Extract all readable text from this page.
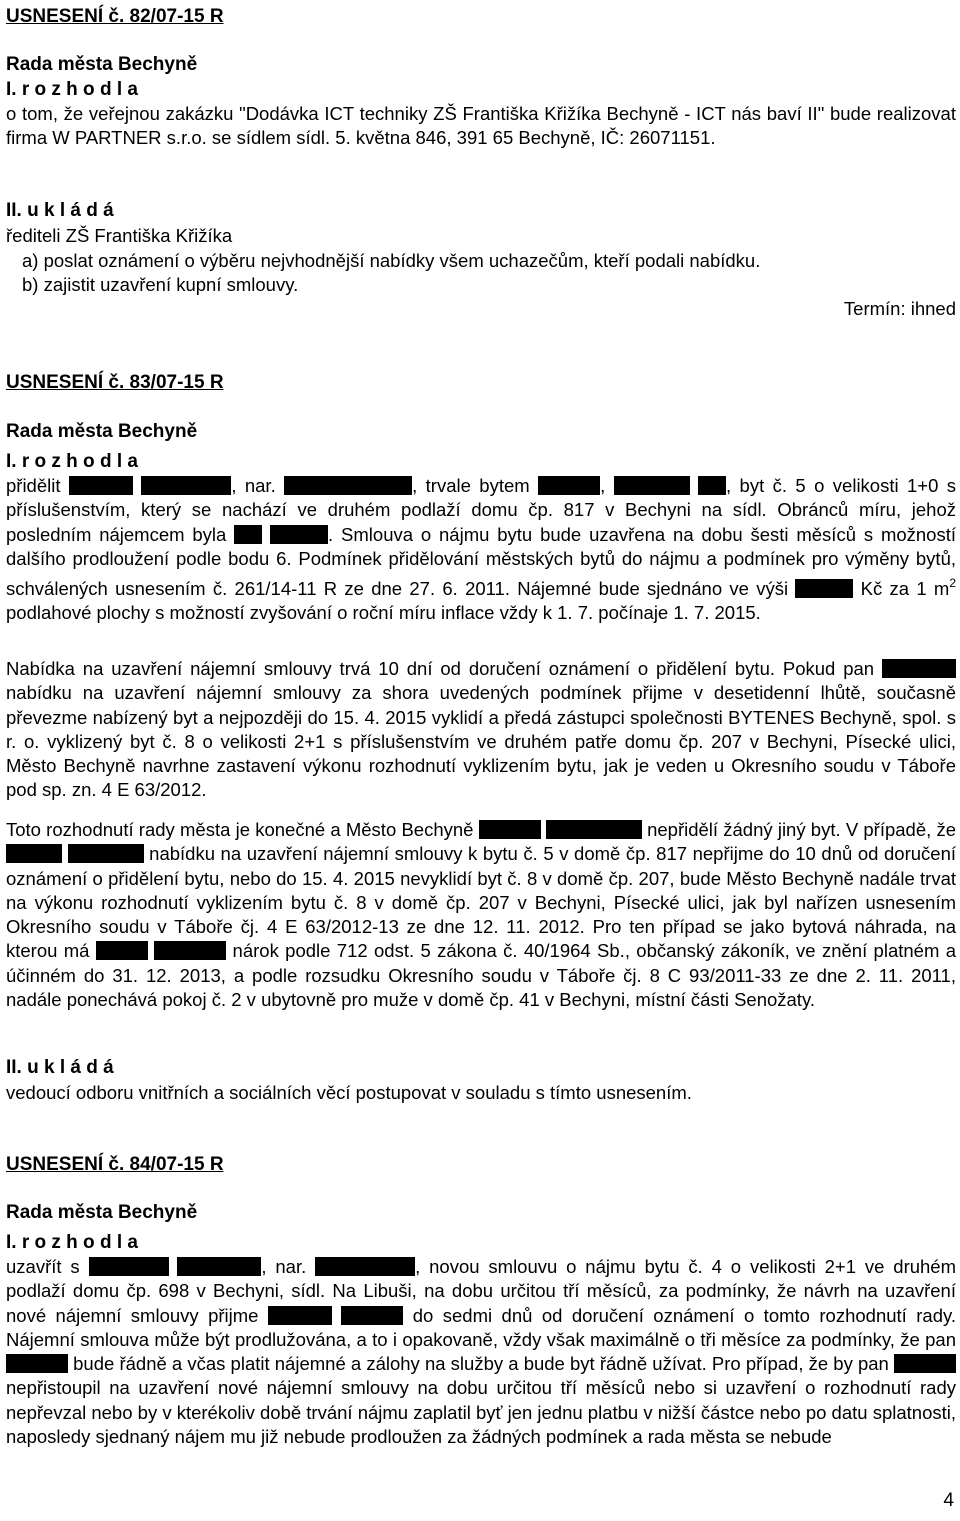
USNESENÍ č. 82/07-15 R
Rada města Bechyně
I. r o z h o d l a
o tom, že veřejnou zakázku "Dodávka ICT techniky ZŠ Františka Křižíka Bechyně - ICT nás baví II" bude realizovat firma W PARTNER s.r.o. se sídlem sídl. 5. května 846, 391 65 Bechyně, IČ: 26071151.
II. u k l á d á
řediteli ZŠ Františka Křižíka
a) poslat oznámení o výběru nejvhodnější nabídky všem uchazečům, kteří podali nabídku.
b) zajistit uzavření kupní smlouvy.
Termín: ihned
USNESENÍ č. 83/07-15 R
Rada města Bechyně
I. r o z h o d l a
přidělit	, nar.	, trvale bytem	,	, byt č. 5 o velikosti 1+0 s příslušenstvím, který se nachází ve druhém podlaží domu čp. 817 v Bechyni na sídl. Obránců míru, jehož posledním nájemcem byla	. Smlouva o nájmu bytu bude uzavřena na dobu šesti měsíců s možností dalšího prodloužení podle bodu 6. Podmínek přidělování městských bytů do nájmu a podmínek pro výměny bytů, schválených usnesením č. 261/14-11 R ze dne 27. 6. 2011. Nájemné bude sjednáno ve výši	Kč za 1 $m^2$ podlahové plochy s možností zvyšování o roční míru inflace vždy k 1. 7. počínaje 1. 7. 2015.
Nabídka na uzavření nájemní smlouvy trvá 10 dní od doručení oznámení o přidělení bytu. Pokud pan  nabídku na uzavření nájemní smlouvy za shora uvedených podmínek přijme v desetidenní lhůtě, současně převezme nabízený byt a nejpozději do 15. 4. 2015 vyklidí a předá zástupci společnosti BYTENES Bechyně, spol. s r. o. vyklizený byt č. 8 o velikosti 2+1 s příslušenstvím ve druhém patře domu čp. 207 v Bechyni, Písecké ulici, Město Bechyně navrhne zastavení výkonu rozhodnutí vyklizením bytu, jak je veden u Okresního soudu v Táboře pod sp. zn. 4 E 63/2012.
Toto rozhodnutí rady města je konečné a Město Bechyně	nepřidělí žádný jiný byt. V případě, že   nabídku na uzavření nájemní smlouvy k bytu č. 5 v domě čp. 817 nepřijme do 10 dnů od doručení oznámení o přidělení bytu, nebo do 15. 4. 2015 nevyklidí byt č. 8 v domě čp. 207, bude Město Bechyně nadále trvat na výkonu rozhodnutí vyklizením bytu č. 8 v domě čp. 207 v Bechyni, Písecké ulici, jak byl nařízen usnesením Okresního soudu v Táboře čj. 4 E 63/2012-13 ze dne 12. 11. 2012. Pro ten případ se jako bytová náhrada, na kterou má	nárok podle 712 odst. 5 zákona č. 40/1964 Sb., občanský zákoník, ve znění platném a účinném do 31. 12. 2013, a podle rozsudku Okresního soudu v Táboře čj. 8 C 93/2011-33 ze dne 2. 11. 2011, nadále ponechává pokoj č. 2 v ubytovně pro muže v domě čp. 41 v Bechyni, místní části Senožaty.
II. u k l á d á
vedoucí odboru vnitřních a sociálních věcí postupovat v souladu s tímto usnesením.
USNESENÍ č. 84/07-15 R
Rada města Bechyně
I. r o z h o d l a
uzavřít s	, nar.	, novou smlouvu o nájmu bytu č. 4 o velikosti 2+1 ve druhém podlaží domu čp. 698 v Bechyni, sídl. Na Libuši, na dobu určitou tří měsíců, za podmínky, že návrh na uzavření nové nájemní smlouvy přijme	do sedmi dnů od doručení oznámení o tomto rozhodnutí rady. Nájemní smlouva může být prodlužována, a to i opakovaně, vždy však maximálně o tři měsíce za podmínky, že pan  bude řádně a včas platit nájemné a zálohy na služby a bude byt řádně užívat. Pro případ, že by pan  nepřistoupil na uzavření nové nájemní smlouvy na dobu určitou tří měsíců nebo si uzavření o rozhodnutí rady nepřevzal nebo by v kterékoliv době trvání nájmu zaplatil byť jen jednu platbu v nižší částce nebo po datu splatnosti, naposledy sjednaný nájem mu již nebude prodloužen za žádných podmínek a rada města se nebude
4
